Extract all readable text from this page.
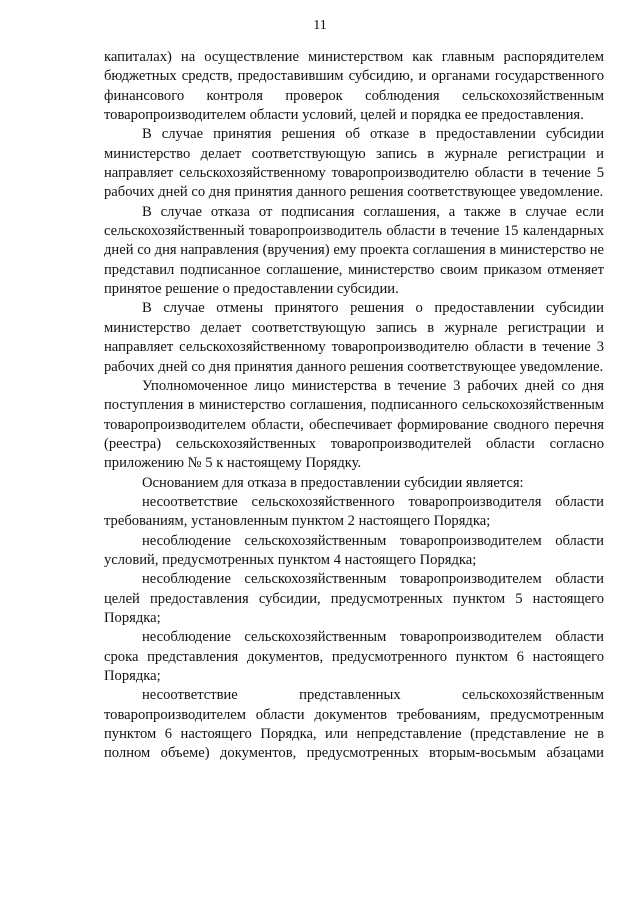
11

капиталах) на осуществление министерством как главным распорядителем бюджетных средств, предоставившим субсидию, и органами государственного финансового контроля проверок соблюдения сельскохозяйственным товаропроизводителем области условий, целей и порядка ее предоставления.

В случае принятия решения об отказе в предоставлении субсидии министерство делает соответствующую запись в журнале регистрации и направляет сельскохозяйственному товаропроизводителю области в течение 5 рабочих дней со дня принятия данного решения соответствующее уведомление.

В случае отказа от подписания соглашения, а также в случае если сельскохозяйственный товаропроизводитель области в течение 15 календарных дней со дня направления (вручения) ему проекта соглашения в министерство не представил подписанное соглашение, министерство своим приказом отменяет принятое решение о предоставлении субсидии.

В случае отмены принятого решения о предоставлении субсидии министерство делает соответствующую запись в журнале регистрации и направляет сельскохозяйственному товаропроизводителю области в течение 3 рабочих дней со дня принятия данного решения соответствующее уведомление.

Уполномоченное лицо министерства в течение 3 рабочих дней со дня поступления в министерство соглашения, подписанного сельскохозяйственным товаропроизводителем области, обеспечивает формирование сводного перечня (реестра) сельскохозяйственных товаропроизводителей области согласно приложению № 5 к настоящему Порядку.

Основанием для отказа в предоставлении субсидии является:

несоответствие сельскохозяйственного товаропроизводителя области требованиям, установленным пунктом 2 настоящего Порядка;

несоблюдение сельскохозяйственным товаропроизводителем области условий, предусмотренных пунктом 4 настоящего Порядка;

несоблюдение сельскохозяйственным товаропроизводителем области целей предоставления субсидии, предусмотренных пунктом 5 настоящего Порядка;

несоблюдение сельскохозяйственным товаропроизводителем области срока представления документов, предусмотренного пунктом 6 настоящего Порядка;

несоответствие представленных сельскохозяйственным товаропроизводителем области документов требованиям, предусмотренным пунктом 6 настоящего Порядка, или непредставление (представление не в полном объеме) документов, предусмотренных вторым-восьмым абзацами
